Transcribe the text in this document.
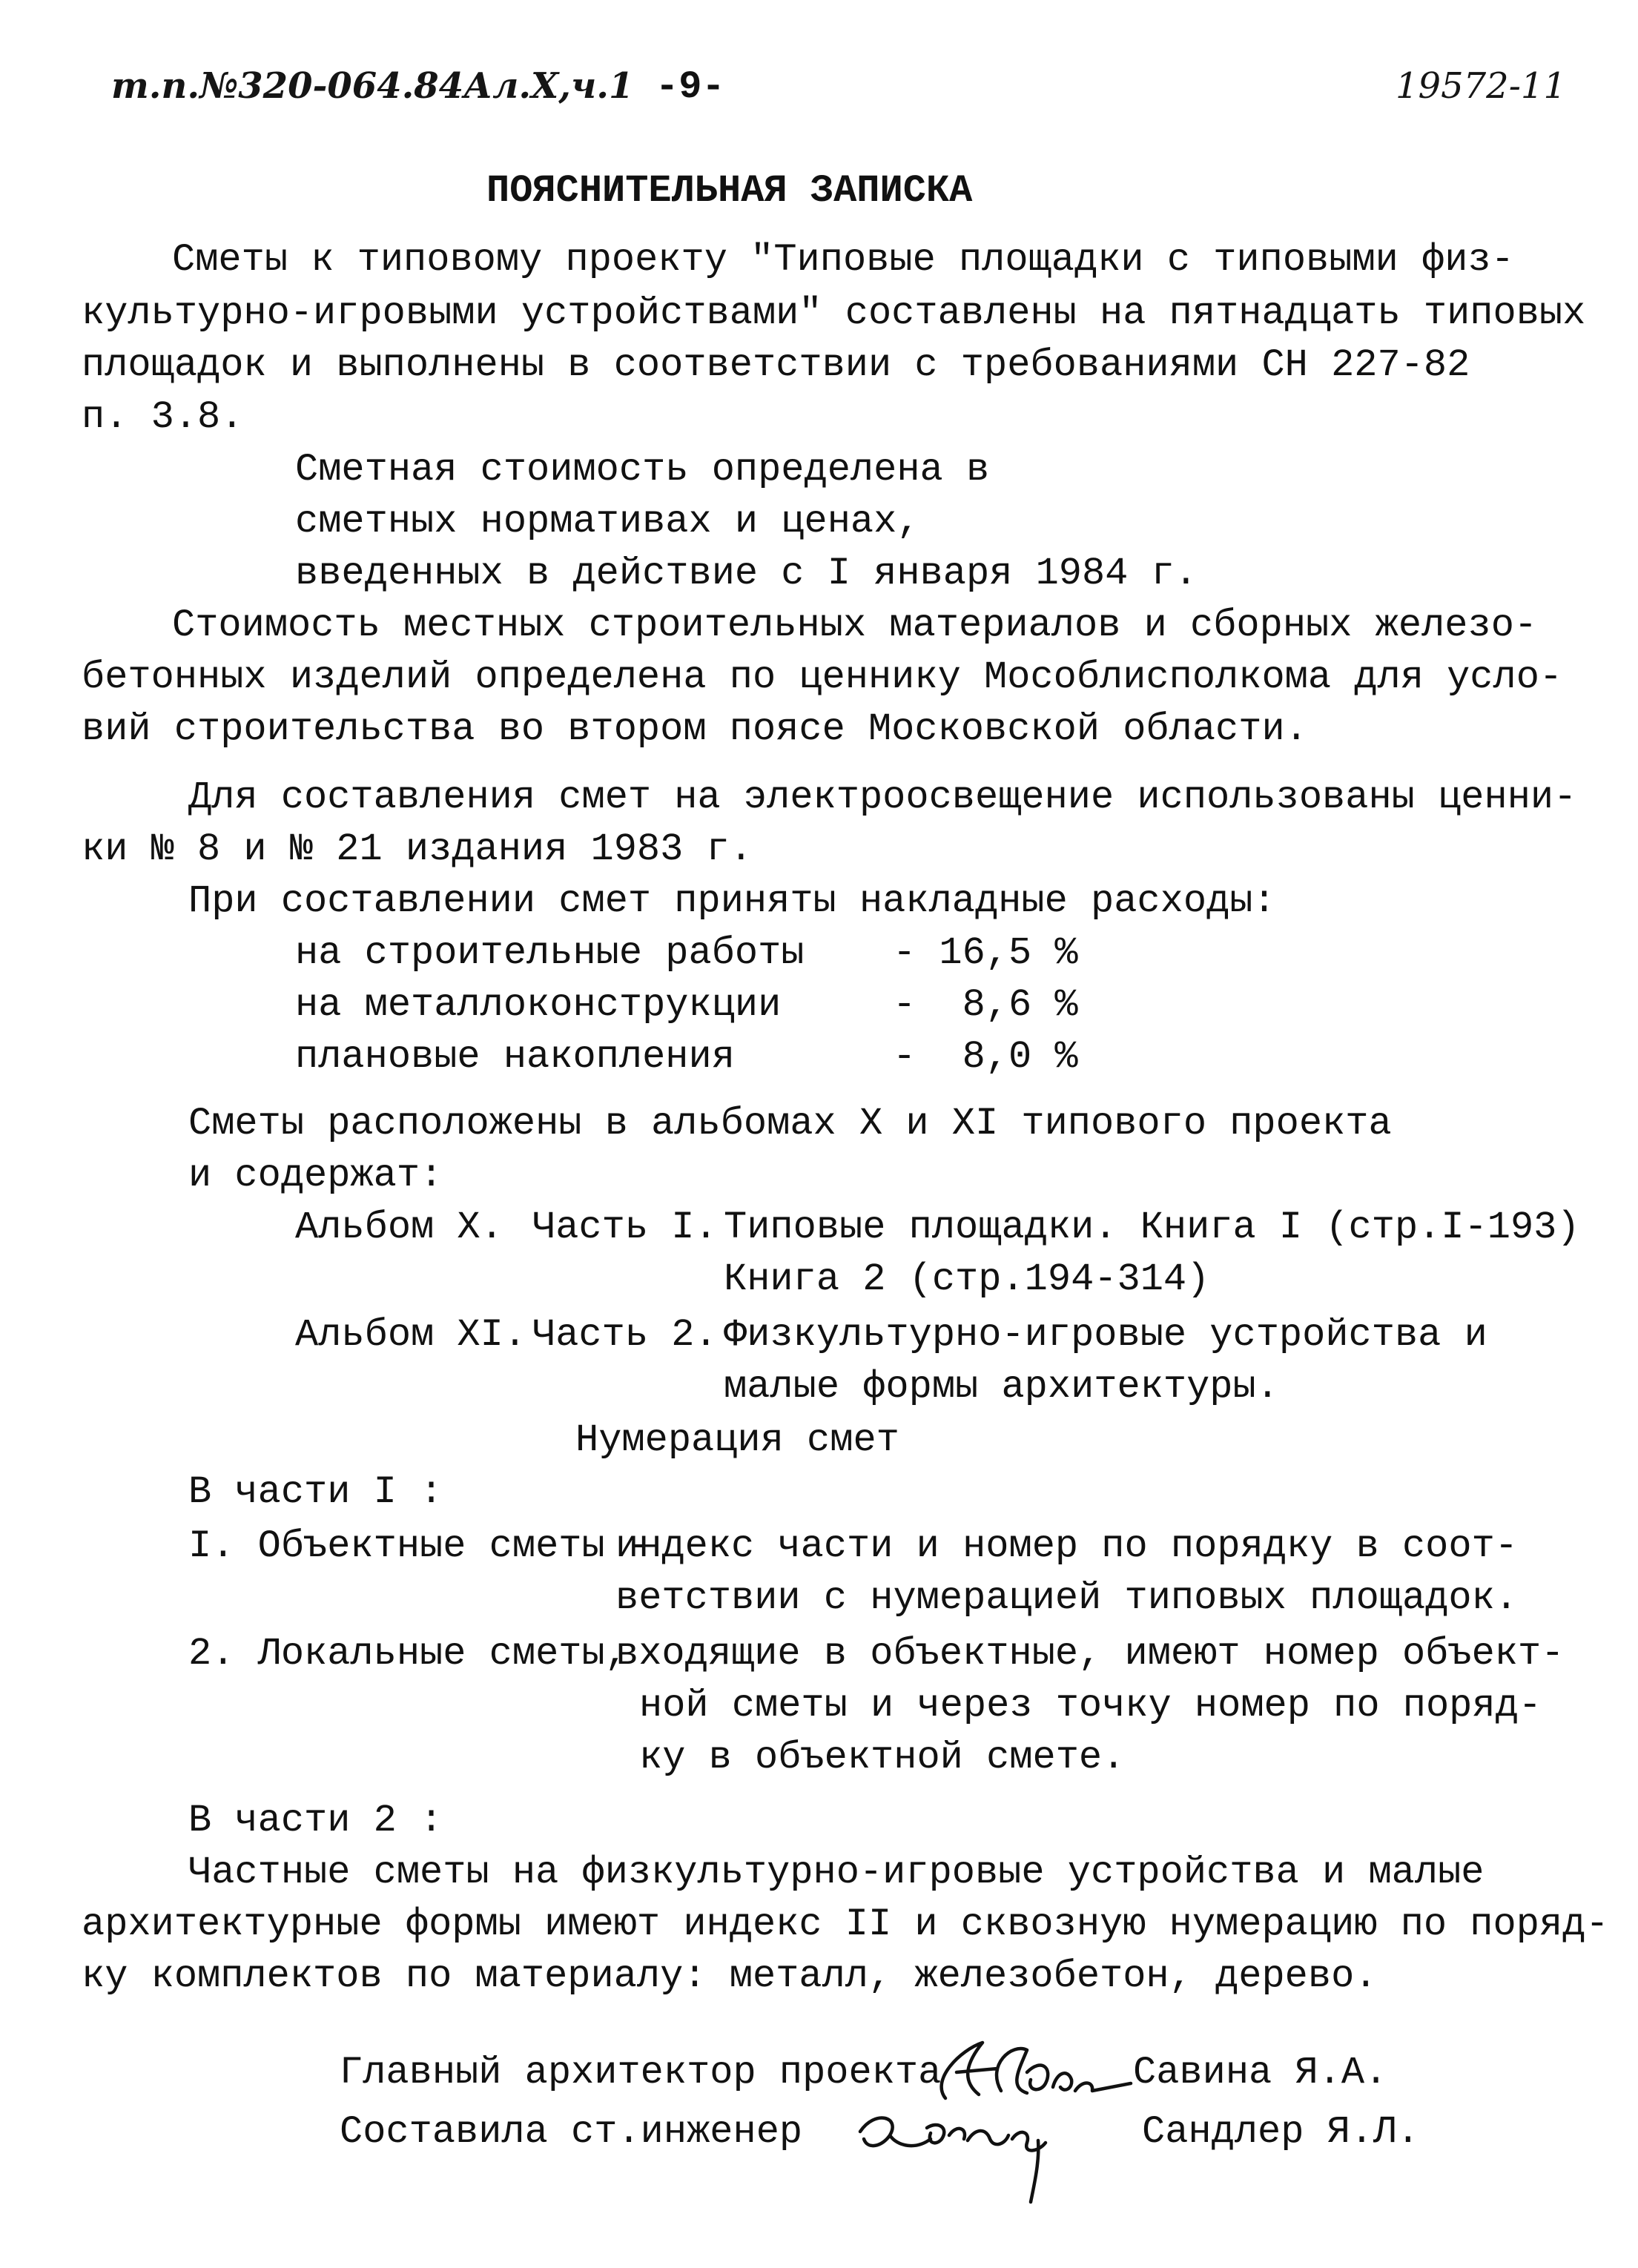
т.п.№320-064.84Ал.Х,ч.1 -9-	19572-11
ПОЯСНИТЕЛЬНАЯ ЗАПИСКА
Сметы к типовому проекту "Типовые площадки с типовыми физ-
культурно-игровыми устройствами" составлены на пятнадцать типовых
площадок и выполнены в соответствии с требованиями СН 227-82
п. 3.8.
Сметная стоимость определена в
сметных нормативах и ценах,
введенных в действие с I января 1984 г.
Стоимость местных строительных материалов и сборных железо-
бетонных изделий определена по ценнику Мособлисполкома для усло-
вий строительства во втором поясе Московской области.
Для составления смет на электроосвещение использованы ценни-
ки № 8 и № 21 издания 1983 г.
При составлении смет приняты накладные расходы:
на строительные работы - 16,5 %
на металлоконструкции	-  8,6 %
плановые накопления	-  8,0 %
Сметы расположены в альбомах X и XI типового проекта
и содержат:
Альбом X. Часть I. Типовые площадки. Книга I (стр.I-193)
Книга 2 (стр.194-314)
Альбом XI. Часть 2. Физкультурно-игровые устройства и
малые формы архитектуры.
Нумерация смет
В части I :
I. Объектные сметы -
индекс части и номер по порядку в соот-
ветствии с нумерацией типовых площадок.
2. Локальные сметы,
входящие в объектные, имеют номер объект-
ной сметы и через точку номер по поряд-
ку в объектной смете.
В части 2 :
Частные сметы на физкультурно-игровые устройства и малые
архитектурные формы имеют индекс II и сквозную нумерацию по поряд-
ку комплектов по материалу: металл, железобетон, дерево.
Главный архитектор проекта	Савина Я.А.
Составила ст.инженер	Сандлер Я.Л.
